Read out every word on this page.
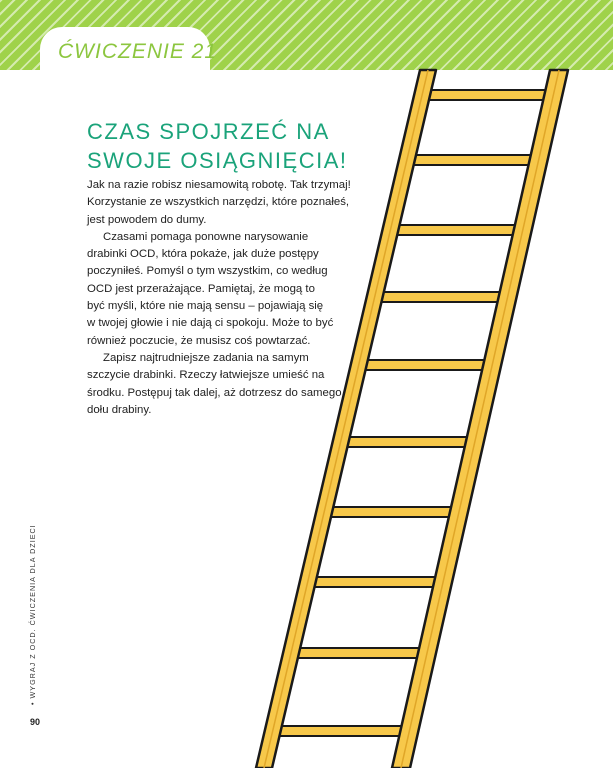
ĆWICZENIE 21
CZAS SPOJRZEĆ NA
SWOJE OSIĄGNIĘCIA!
Jak na razie robisz niesamowitą robotę. Tak trzymaj!
Korzystanie ze wszystkich narzędzi, które poznałeś,
jest powodem do dumy.
Czasami pomaga ponowne narysowanie
drabinki OCD, która pokaże, jak duże postępy
poczyniłeś. Pomyśl o tym wszystkim, co według
OCD jest przerażające. Pamiętaj, że mogą to
być myśli, które nie mają sensu – pojawiają się
w twojej głowie i nie dają ci spokoju. Może to być
również poczucie, że musisz coś powtarzać.
Zapisz najtrudniejsze zadania na samym
szczycie drabinki. Rzeczy łatwiejsze umieść na
środku. Postępuj tak dalej, aż dotrzesz do samego
dołu drabiny.
• WYGRAJ Z OCD. ĆWICZENIA DLA DZIECI
90
